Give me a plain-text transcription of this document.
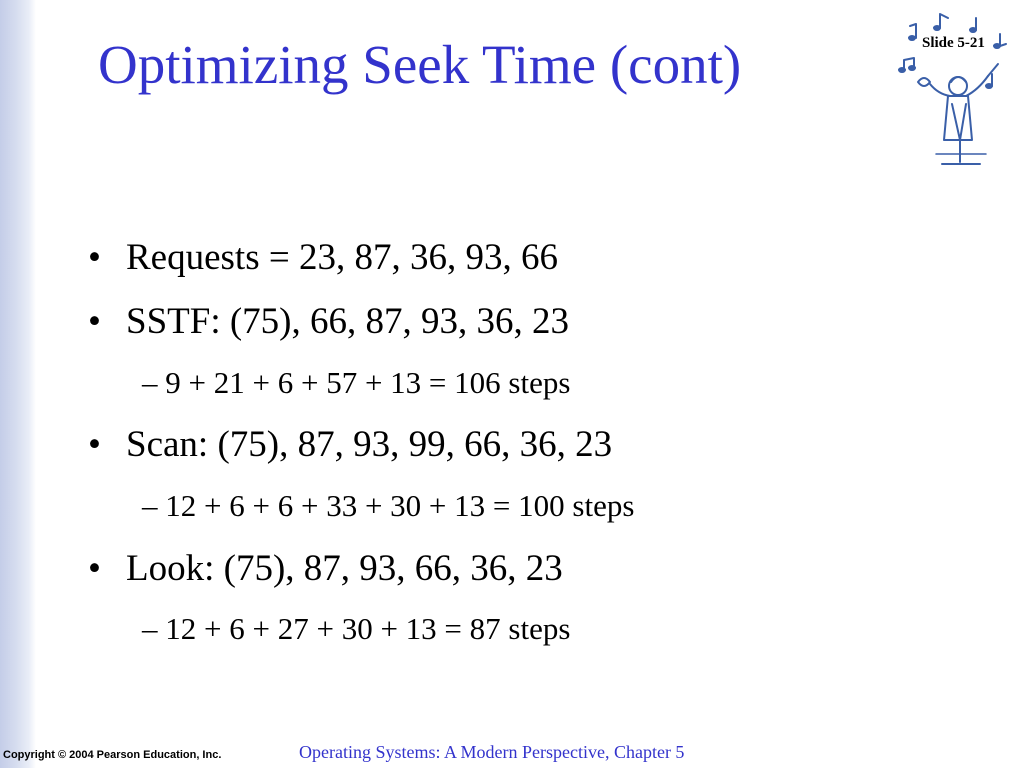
Optimizing Seek Time (cont)	Slide 5-21
• Requests = 23, 87, 36, 93, 66
• SSTF: (75), 66, 87, 93, 36, 23
– 9 + 21 + 6 + 57 + 13 = 106 steps
• Scan: (75), 87, 93, 99, 66, 36, 23
– 12 + 6 + 6 + 33 + 30 + 13 = 100 steps
• Look: (75), 87, 93, 66, 36, 23
– 12 + 6 + 27 + 30 + 13 = 87 steps
Copyright © 2004 Pearson Education, Inc.	Operating Systems: A Modern Perspective, Chapter 5
